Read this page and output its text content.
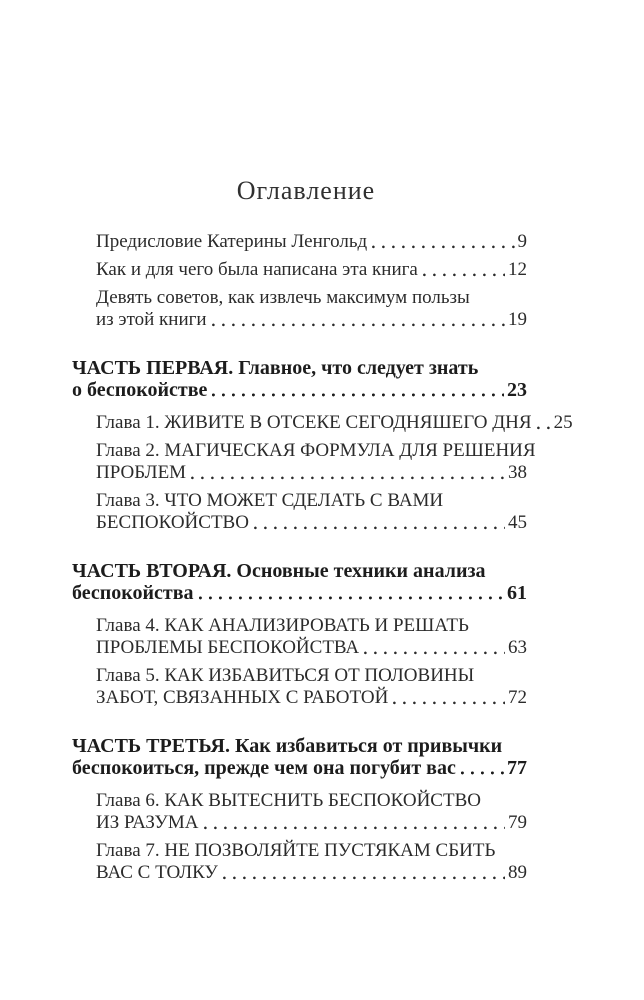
Оглавление
Предисловие Катерины Ленгольд	9
Как и для чего была написана эта книга	12
Девять советов, как извлечь максимум пользы
из этой книги	19
ЧАСТЬ ПЕРВАЯ. Главное, что следует знать
о беспокойстве	23
Глава 1. ЖИВИТЕ В ОТСЕКЕ СЕГОДНЯШЕГО ДНЯ 25
Глава 2. МАГИЧЕСКАЯ ФОРМУЛА ДЛЯ РЕШЕНИЯ
ПРОБЛЕМ	38
Глава 3. ЧТО МОЖЕТ СДЕЛАТЬ С ВАМИ
БЕСПОКОЙСТВО	45
ЧАСТЬ ВТОРАЯ. Основные техники анализа
беспокойства	61
Глава 4. КАК АНАЛИЗИРОВАТЬ И РЕШАТЬ
ПРОБЛЕМЫ БЕСПОКОЙСТВА	63
Глава 5. КАК ИЗБАВИТЬСЯ ОТ ПОЛОВИНЫ
ЗАБОТ, СВЯЗАННЫХ С РАБОТОЙ	72
ЧАСТЬ ТРЕТЬЯ. Как избавиться от привычки
беспокоиться, прежде чем она погубит вас	77
Глава 6. КАК ВЫТЕСНИТЬ БЕСПОКОЙСТВО
ИЗ РАЗУМА	79
Глава 7. НЕ ПОЗВОЛЯЙТЕ ПУСТЯКАМ СБИТЬ
ВАС С ТОЛКУ	89
